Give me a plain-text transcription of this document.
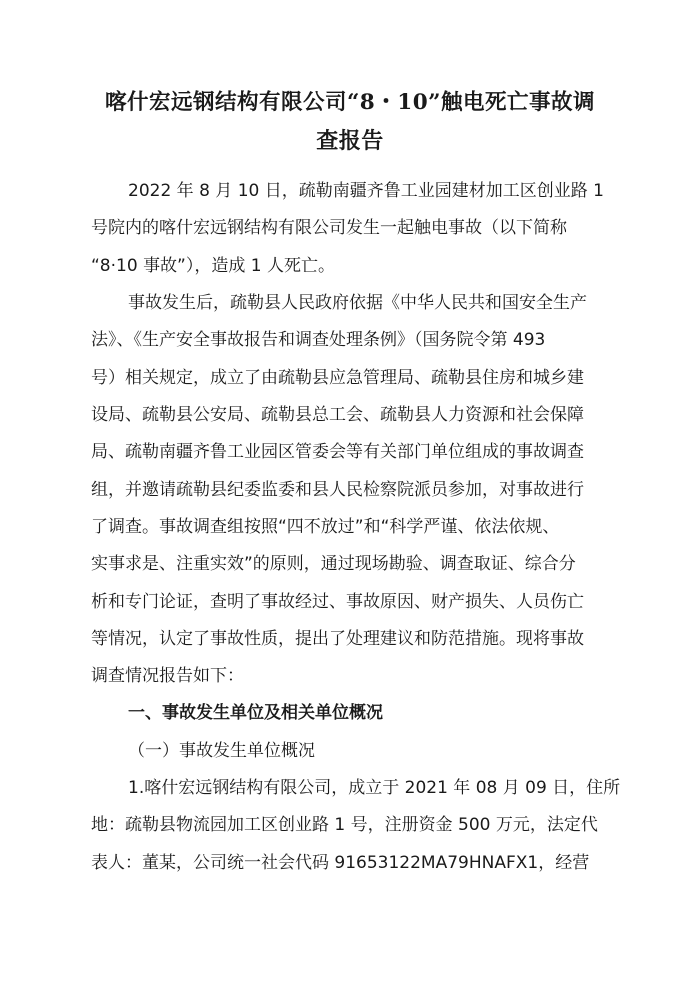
喀什宏远钢结构有限公司“8・10”触电死亡事故调
查报告
2022 年 8 月 10 日，疏勒南疆齐鲁工业园建材加工区创业路 1
号院内的喀什宏远钢结构有限公司发生一起触电事故（以下简称
“8·10 事故”），造成 1 人死亡。
事故发生后，疏勒县人民政府依据《中华人民共和国安全生产
法》、《生产安全事故报告和调查处理条例》（国务院令第 493
号）相关规定，成立了由疏勒县应急管理局、疏勒县住房和城乡建
设局、疏勒县公安局、疏勒县总工会、疏勒县人力资源和社会保障
局、疏勒南疆齐鲁工业园区管委会等有关部门单位组成的事故调查
组，并邀请疏勒县纪委监委和县人民检察院派员参加，对事故进行
了调查。事故调查组按照“四不放过”和“科学严谨、依法依规、
实事求是、注重实效”的原则，通过现场勘验、调查取证、综合分
析和专门论证，查明了事故经过、事故原因、财产损失、人员伤亡
等情况，认定了事故性质，提出了处理建议和防范措施。现将事故
调查情况报告如下：
一、事故发生单位及相关单位概况
（一）事故发生单位概况
1.喀什宏远钢结构有限公司，成立于 2021 年 08 月 09 日，住所
地：疏勒县物流园加工区创业路 1 号，注册资金 500 万元，法定代
表人：董某，公司统一社会代码 91653122MA79HNAFX1，经营
